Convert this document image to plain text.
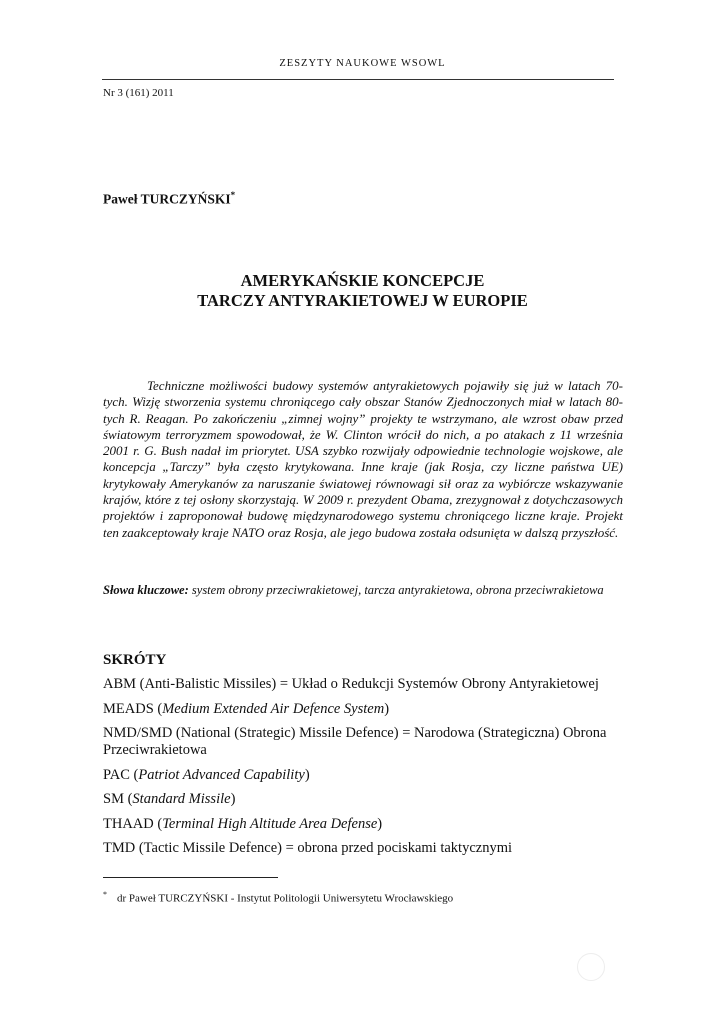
ZESZYTY NAUKOWE WSOWL
Nr 3 (161) 2011
Paweł TURCZYŃSKI*
AMERYKAŃSKIE KONCEPCJE
TARCZY ANTYRAKIETOWEJ W EUROPIE

Techniczne możliwości budowy systemów antyrakietowych pojawiły się już w latach 70-tych. Wizję stworzenia systemu chroniącego cały obszar Stanów Zjednoczonych miał w latach 80-tych R. Reagan. Po zakończeniu „zimnej wojny” projekty te wstrzymano, ale wzrost obaw przed światowym terroryzmem spowodował, że W. Clinton wrócił do nich, a po atakach z 11 września 2001 r. G. Bush nadał im priorytet. USA szybko rozwijały odpowiednie technologie wojskowe, ale koncepcja „Tarczy” była często krytykowana. Inne kraje (jak Rosja, czy liczne państwa UE) krytykowały Amerykanów za naruszanie światowej równowagi sił oraz za wybiórcze wskazywanie krajów, które z tej osłony skorzystają. W 2009 r. prezydent Obama, zrezygnował z dotychczasowych projektów i zaproponował budowę międzynarodowego systemu chroniącego liczne kraje. Projekt ten zaakceptowały kraje NATO oraz Rosja, ale jego budowa została odsunięta w dalszą przyszłość.

Słowa kluczowe: system obrony przeciwrakietowej, tarcza antyrakietowa, obrona przeciwrakietowa

SKRÓTY
ABM (Anti-Balistic Missiles) = Układ o Redukcji Systemów Obrony Antyrakietowej
MEADS (Medium Extended Air Defence System)
NMD/SMD (National (Strategic) Missile Defence) = Narodowa (Strategiczna) Obrona Przeciwrakietowa
PAC (Patriot Advanced Capability)
SM (Standard Missile)
THAAD (Terminal High Altitude Area Defense)
TMD (Tactic Missile Defence) = obrona przed pociskami taktycznymi
* dr Paweł TURCZYŃSKI - Instytut Politologii Uniwersytetu Wrocławskiego
